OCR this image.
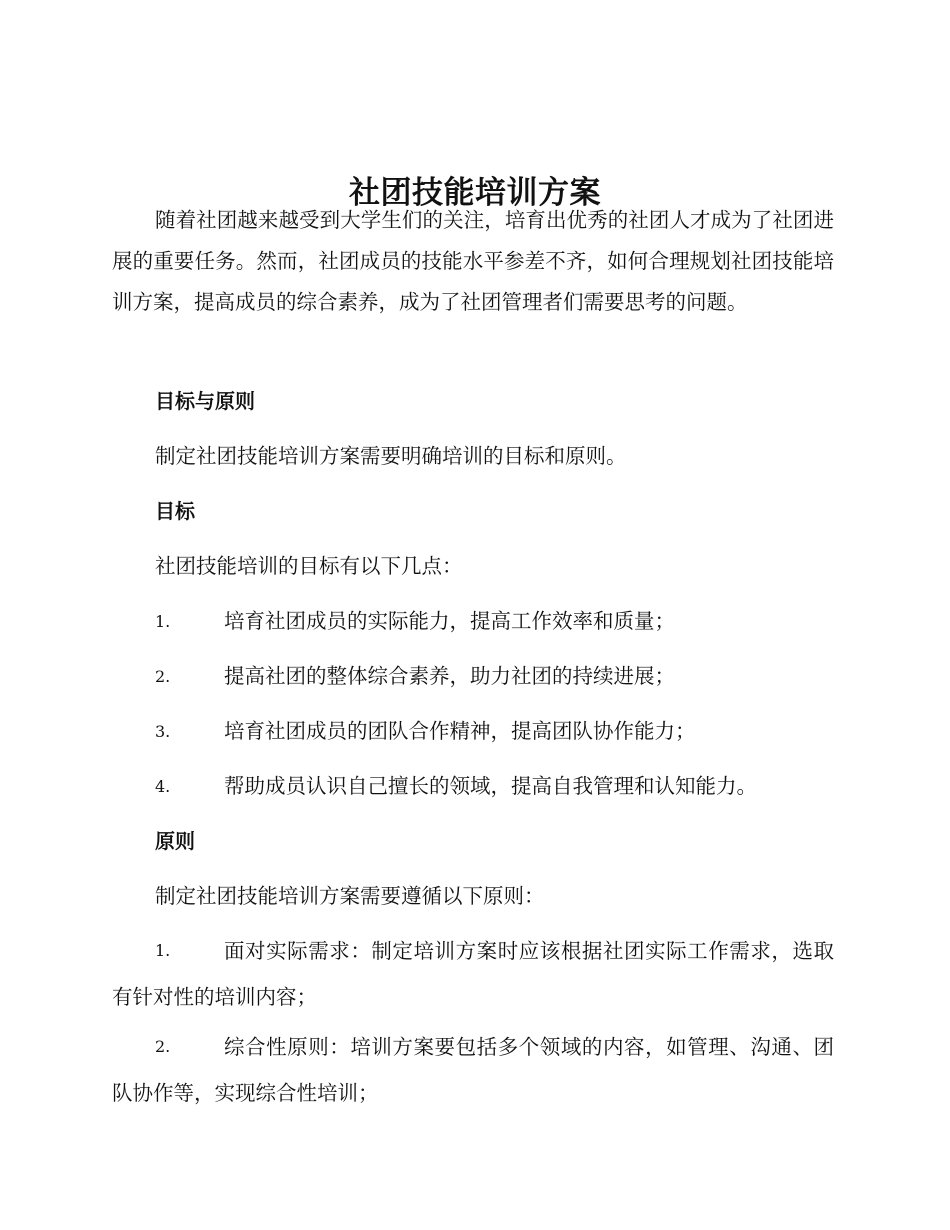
社团技能培训方案

随着社团越来越受到大学生们的关注，培育出优秀的社团人才成为了社团进展的重要任务。然而，社团成员的技能水平参差不齐，如何合理规划社团技能培训方案，提高成员的综合素养，成为了社团管理者们需要思考的问题。

目标与原则

制定社团技能培训方案需要明确培训的目标和原则。

目标

社团技能培训的目标有以下几点：

1.	培育社团成员的实际能力，提高工作效率和质量；
2.	提高社团的整体综合素养，助力社团的持续进展；
3.	培育社团成员的团队合作精神，提高团队协作能力；
4.	帮助成员认识自己擅长的领域，提高自我管理和认知能力。
原则

制定社团技能培训方案需要遵循以下原则：

1.	面对实际需求：制定培训方案时应该根据社团实际工作需求，选取有针对性的培训内容；
2.	综合性原则：培训方案要包括多个领域的内容，如管理、沟通、团队协作等，实现综合性培训；
